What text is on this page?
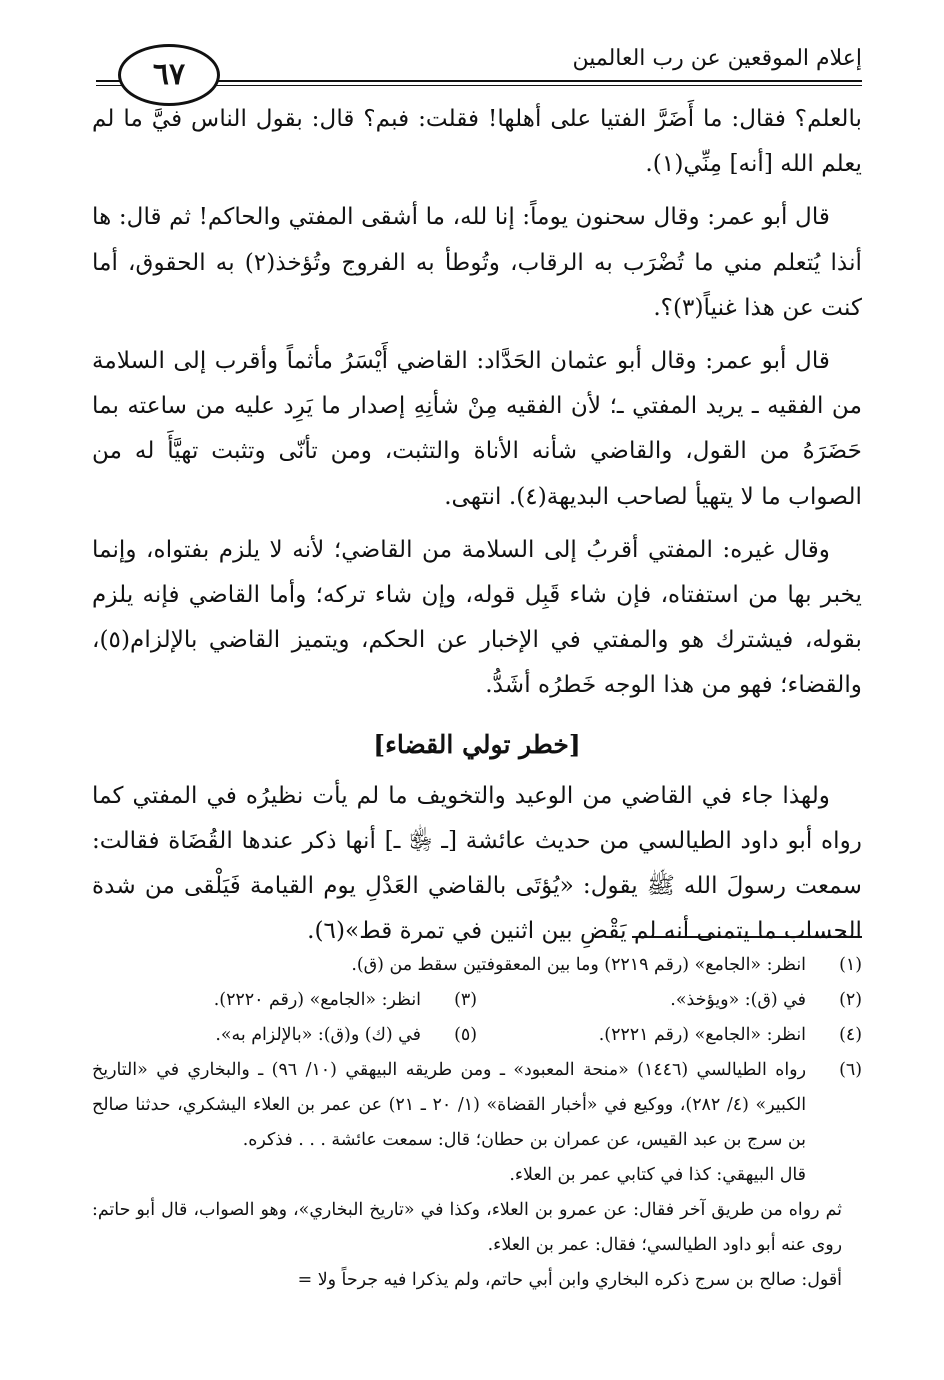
إعلام الموقعين عن رب العالمين
٦٧

بالعلم؟ فقال: ما أَضَرَّ الفتيا على أهلها! فقلت: فبم؟ قال: بقول الناس فيَّ ما لم يعلم الله [أنه] مِنِّي(١).

قال أبو عمر: وقال سحنون يوماً: إنا لله، ما أشقى المفتي والحاكم! ثم قال: ها أنذا يُتعلم مني ما تُضْرَب به الرقاب، وتُوطأ به الفروج وتُؤخذ(٢) به الحقوق، أما كنت عن هذا غنياً(٣)؟.

قال أبو عمر: وقال أبو عثمان الحَدَّاد: القاضي أَيْسَرُ مأثماً وأقرب إلى السلامة من الفقيه ـ يريد المفتي ـ؛ لأن الفقيه مِنْ شأنِهِ إصدار ما يَرِد عليه من ساعته بما حَضَرَهُ من القول، والقاضي شأنه الأناة والتثبت، ومن تأنّى وتثبت تهيَّأَ له من الصواب ما لا يتهيأ لصاحب البديهة(٤). انتهى.

وقال غيره: المفتي أقربُ إلى السلامة من القاضي؛ لأنه لا يلزم بفتواه، وإنما يخبر بها من استفتاه، فإن شاء قَبِل قوله، وإن شاء تركه؛ وأما القاضي فإنه يلزم بقوله، فيشترك هو والمفتي في الإخبار عن الحكم، ويتميز القاضي بالإلزام(٥)، والقضاء؛ فهو من هذا الوجه خَطرُه أشَدُّ.

[خطر تولي القضاء]

ولهذا جاء في القاضي من الوعيد والتخويف ما لم يأت نظيرُه في المفتي كما رواه أبو داود الطيالسي من حديث عائشة [ـ ﵂ ـ] أنها ذكر عندها القُضَاة فقالت: سمعت رسولَ الله ﷺ يقول: «يُؤتَى بالقاضي العَدْلِ يوم القيامة فَيَلْقى من شدة الحساب ما يتمنى أنه لم يَقْضِ بين اثنين في تمرة قط»(٦).

(١)
انظر: «الجامع» (رقم ٢٢١٩) وما بين المعقوفتين سقط من (ق).
(٢)
في (ق): «ويؤخذ».
(٣)
انظر: «الجامع» (رقم ٢٢٢٠).
(٤)
انظر: «الجامع» (رقم ٢٢٢١).
(٥)
في (ك) و(ق): «بالإلزام به».
(٦)
رواه الطيالسي (١٤٤٦) «منحة المعبود» ـ ومن طريقه البيهقي (١٠/ ٩٦) ـ والبخاري في «التاريخ الكبير» (٤/ ٢٨٢)، ووكيع في «أخبار القضاة» (١/ ٢٠ ـ ٢١) عن عمر بن العلاء اليشكري، حدثنا صالح بن سرج بن عبد القيس، عن عمران بن حطان؛ قال: سمعت عائشة . . . فذكره.
قال البيهقي: كذا في كتابي عمر بن العلاء.
ثم رواه من طريق آخر فقال: عن عمرو بن العلاء، وكذا في «تاريخ البخاري»، وهو الصواب، قال أبو حاتم: روى عنه أبو داود الطيالسي؛ فقال: عمر بن العلاء.
أقول: صالح بن سرج ذكره البخاري وابن أبي حاتم، ولم يذكرا فيه جرحاً ولا =
